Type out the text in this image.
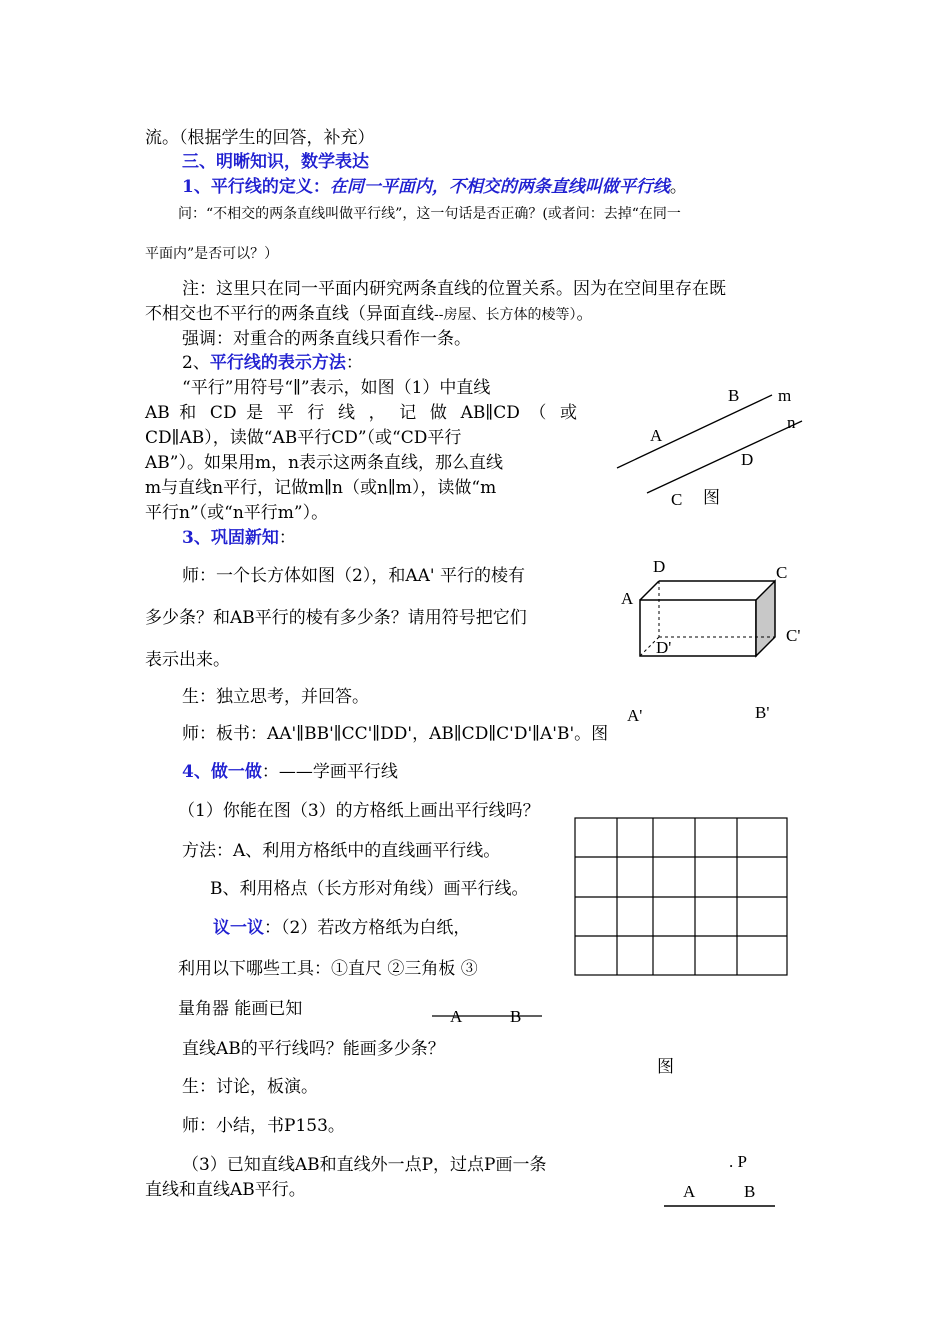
流。（根据学生的回答，补充）
三、明晰知识，数学表达
1、平行线的定义：在同一平面内，不相交的两条直线叫做平行线。
问：“不相交的两条直线叫做平行线”，这一句话是否正确？(或者问：去掉“在同一
平面内”是否可以？）
注：这里只在同一平面内研究两条直线的位置关系。因为在空间里存在既
不相交也不平行的两条直线（异面直线--房屋、长方体的棱等）。
强调：对重合的两条直线只看作一条。
2、平行线的表示方法：
“平行”用符号“∥”表示，如图（1）中直线
AB 和 CD 是 平 行 线 ， 记 做 AB∥CD （ 或
CD∥AB），读做“AB平行CD”（或“CD平行
AB”）。如果用m，n表示这两条直线，那么直线
m与直线n平行，记做m∥n（或n∥m），读做“m
平行n”（或“n平行m”）。
3、巩固新知：
师：一个长方体如图（2），和AA' 平行的棱有
多少条？和AB平行的棱有多少条？请用符号把它们
表示出来。
生：独立思考，并回答。
师：板书：AA'∥BB'∥CC'∥DD'，AB∥CD∥C'D'∥A'B'。图
4、做一做：——学画平行线
（1）你能在图（3）的方格纸上画出平行线吗？
方法：A、利用方格纸中的直线画平行线。
B、利用格点（长方形对角线）画平行线。
议一议：（2）若改方格纸为白纸，
利用以下哪些工具：①直尺 ②三角板 ③
量角器 能画已知
直线AB的平行线吗？能画多少条？
生：讨论，板演。
师：小结，书P153。
（3）已知直线AB和直线外一点P，过点P画一条
直线和直线AB平行。
B m
n
A
D
C 图
D	C
A
C'
D'
A'	B'
A	B
图
. P
A	B
